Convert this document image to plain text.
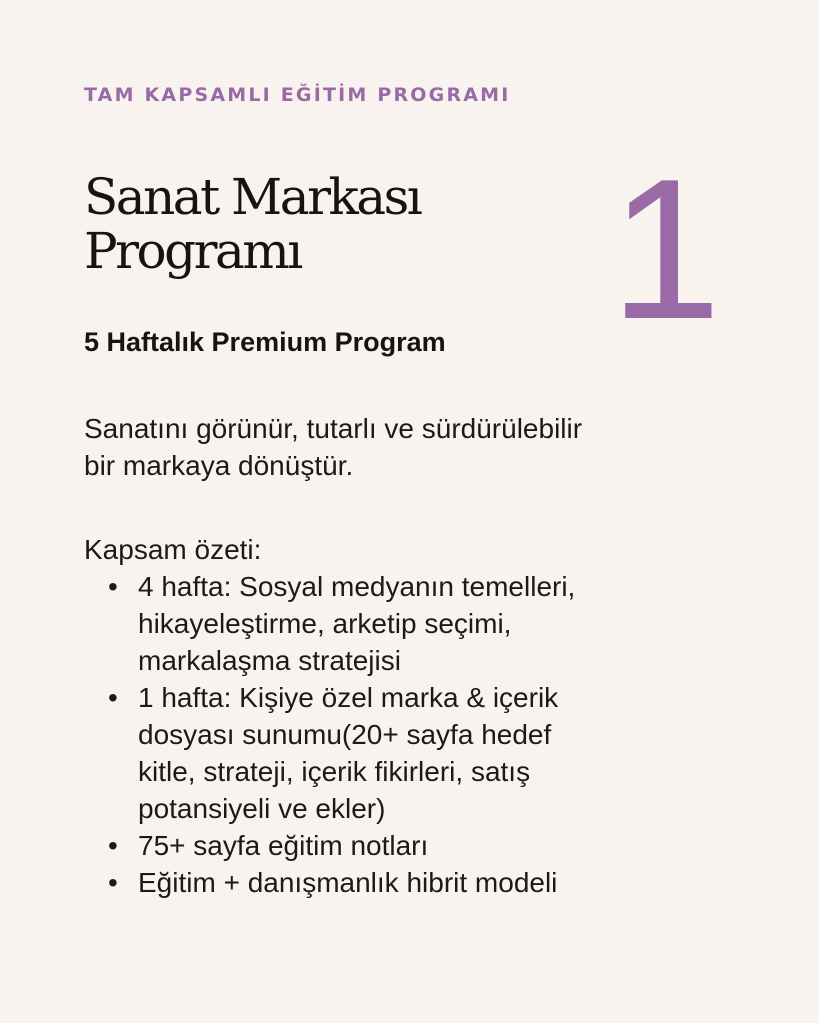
TAM KAPSAMLI EĞİTİM PROGRAMI
Sanat Markası
Programı	1
5 Haftalık Premium Program

Sanatını görünür, tutarlı ve sürdürülebilir
bir markaya dönüştür.

Kapsam özeti:
• 4 hafta: Sosyal medyanın temelleri,
hikayeleştirme, arketip seçimi,
markalaşma stratejisi
• 1 hafta: Kişiye özel marka & içerik
dosyası sunumu(20+ sayfa hedef
kitle, strateji, içerik fikirleri, satış
potansiyeli ve ekler)
• 75+ sayfa eğitim notları
• Eğitim + danışmanlık hibrit modeli
